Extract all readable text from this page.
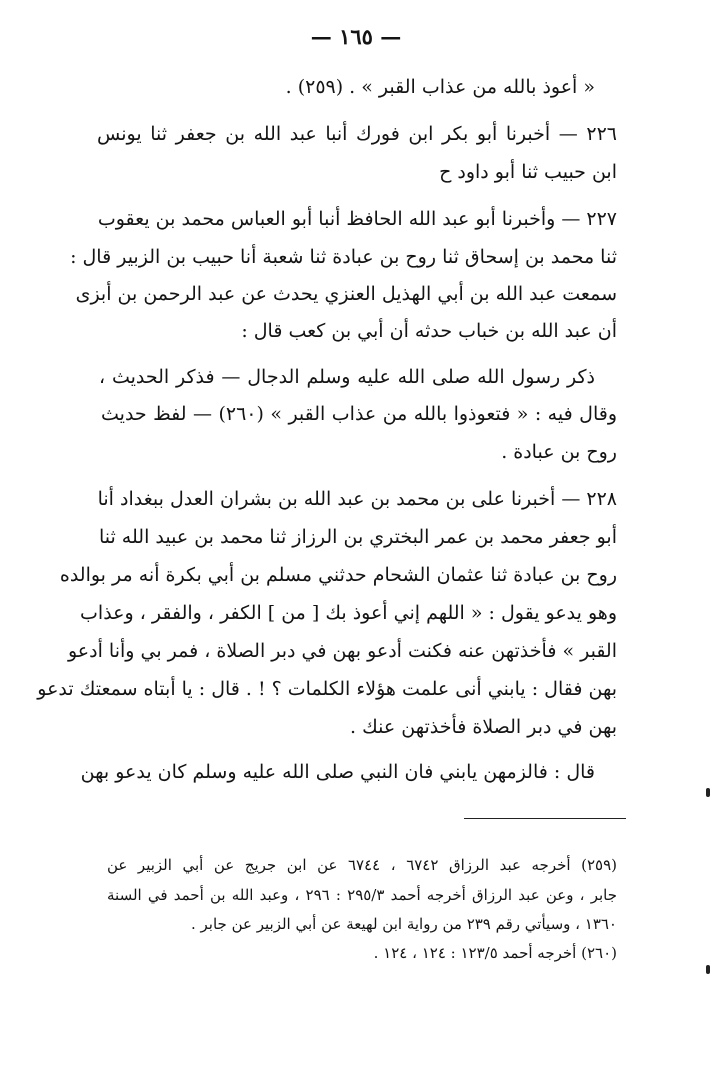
— ١٦٥ —
« أعوذ بالله من عذاب القبر » . (٢٥٩) .
٢٢٦ — أخبرنا أبو بكر ابن فورك أنبا عبد الله بن جعفر ثنا يونس
ابن حبيب ثنا أبو داود ح
٢٢٧ — وأخبرنا أبو عبد الله الحافظ أنبا أبو العباس محمد بن يعقوب
ثنا محمد بن إسحاق ثنا روح بن عبادة ثنا شعبة أنا حبيب بن الزبير قال :
سمعت عبد الله بن أبي الهذيل العنزي يحدث عن عبد الرحمن بن أبزى
أن عبد الله بن خباب حدثه أن أبي بن كعب قال :
ذكر رسول الله صلى الله عليه وسلم الدجال — فذكر الحديث ،
وقال فيه : « فتعوذوا بالله من عذاب القبر » (٢٦٠) — لفظ حديث
روح بن عبادة .
٢٢٨ — أخبرنا على بن محمد بن عبد الله بن بشران العدل ببغداد أنا
أبو جعفر محمد بن عمر البختري بن الرزاز ثنا محمد بن عبيد الله ثنا
روح بن عبادة ثنا عثمان الشحام حدثني مسلم بن أبي بكرة أنه مر بوالده
وهو يدعو يقول : « اللهم إني أعوذ بك [ من ] الكفر ، والفقر ، وعذاب
القبر » فأخذتهن عنه فكنت أدعو بهن في دبر الصلاة ، فمر بي وأنا أدعو
بهن فقال : يابني أنى علمت هؤلاء الكلمات ؟ ! . قال : يا أبتاه سمعتك تدعو
بهن في دبر الصلاة فأخذتهن عنك .
قال : فالزمهن يابني فان النبي صلى الله عليه وسلم كان يدعو بهن
(٢٥٩) أخرجه عبد الرزاق ٦٧٤٢ ، ٦٧٤٤ عن ابن جريج عن أبي الزبير عن
جابر ، وعن عبد الرزاق أخرجه أحمد ٢٩٥/٣ : ٢٩٦ ، وعبد الله بن أحمد في السنة
١٣٦٠ ، وسيأتي رقم ٢٣٩ من رواية ابن لهيعة عن أبي الزبير عن جابر .
(٢٦٠) أخرجه أحمد ١٢٣/٥ : ١٢٤ ، ١٢٤ .
